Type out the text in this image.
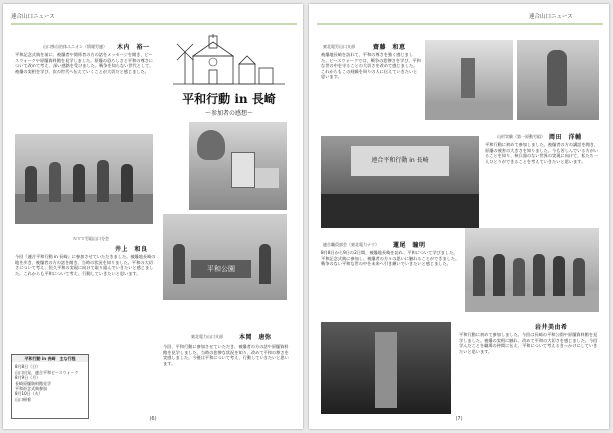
連合山口ニュース
山口県自治体ユニオン（情報労連） 木内　裕一
平和記念式典を前に、被爆者や関係者の方の話をメッセージを聞き、ピースウォークや原爆資料館を見学しました。原爆の恐ろしさと平和の尊さについて改めて考え、深い感銘を受けました。戦争を知らない世代として、被爆の実相を学び、次の世代へ伝えていくことが大切だと感じました。
平和行動 in 長崎
〜参加者の感想〜
平和公園
ＮＴＴ労組山口分会
井上　和良
今回『連合平和行動 in 長崎』に参加させていただきました。被爆地長崎の地を歩き、被爆者の方の話を聞き、当時の状況を知りました。平和の大切さについて考え、恒久平和の実現に向けて取り組んでいきたいと感じました。これからも平和について考え、行動していきたいと思います。
平和行動 in 長崎　主な行程
8月8日（日）
山口出発、連合平和ピースウォーク
8月9日（月）
長崎原爆資料館見学
平和祈念式典参加
8月10日（火）
山口帰着
東北電力山口支部	本岡　唐弥
今回、平和行動に参加させていただき、被爆者の方の話や原爆資料館を見学しました。当時の悲惨な状況を知り、改めて平和の尊さを実感しました。今後は平和について考え、行動していきたいと思います。
(6)
連合山口ニュース
東北電労山口支部	齋藤　和恵
被爆地長崎を訪れて、平和の尊さを強く感じました。ピースウォークでは、戦争の悲惨さを学び、平和な世の中を守ることの大切さを改めて感じました。これからもこの経験を周りの人に伝えていきたいと思います。
連合平和行動 in 長崎
山形実験（第一原動労組） 岡田　洋輔
平和行動に初めて参加しました。被爆者の方の講話を聞き、原爆の被害の大きさを知りました。今も苦しんでいる方がいることを知り、核兵器のない世界の実現に向けて、私たち一人ひとりができることを考えていきたいと思います。
連合職員部会（東北電力ナウ） 蓮尾　瞳明
8月8日から9日の2日間、被爆地長崎を訪れ、平和について学びました。平和記念式典に参加し、被爆者の方々の思いに触れることができました。戦争のない平和な世の中を未来へ引き継いでいきたいと感じました。
岩井美由希
平和行動に初めて参加しました。今回は長崎の平和公園や原爆資料館を見学しました。被爆の実相に触れ、改めて平和の大切さを感じました。今回学んだことを職場の仲間に伝え、平和について考えるきっかけにしていきたいと思います。
(7)
